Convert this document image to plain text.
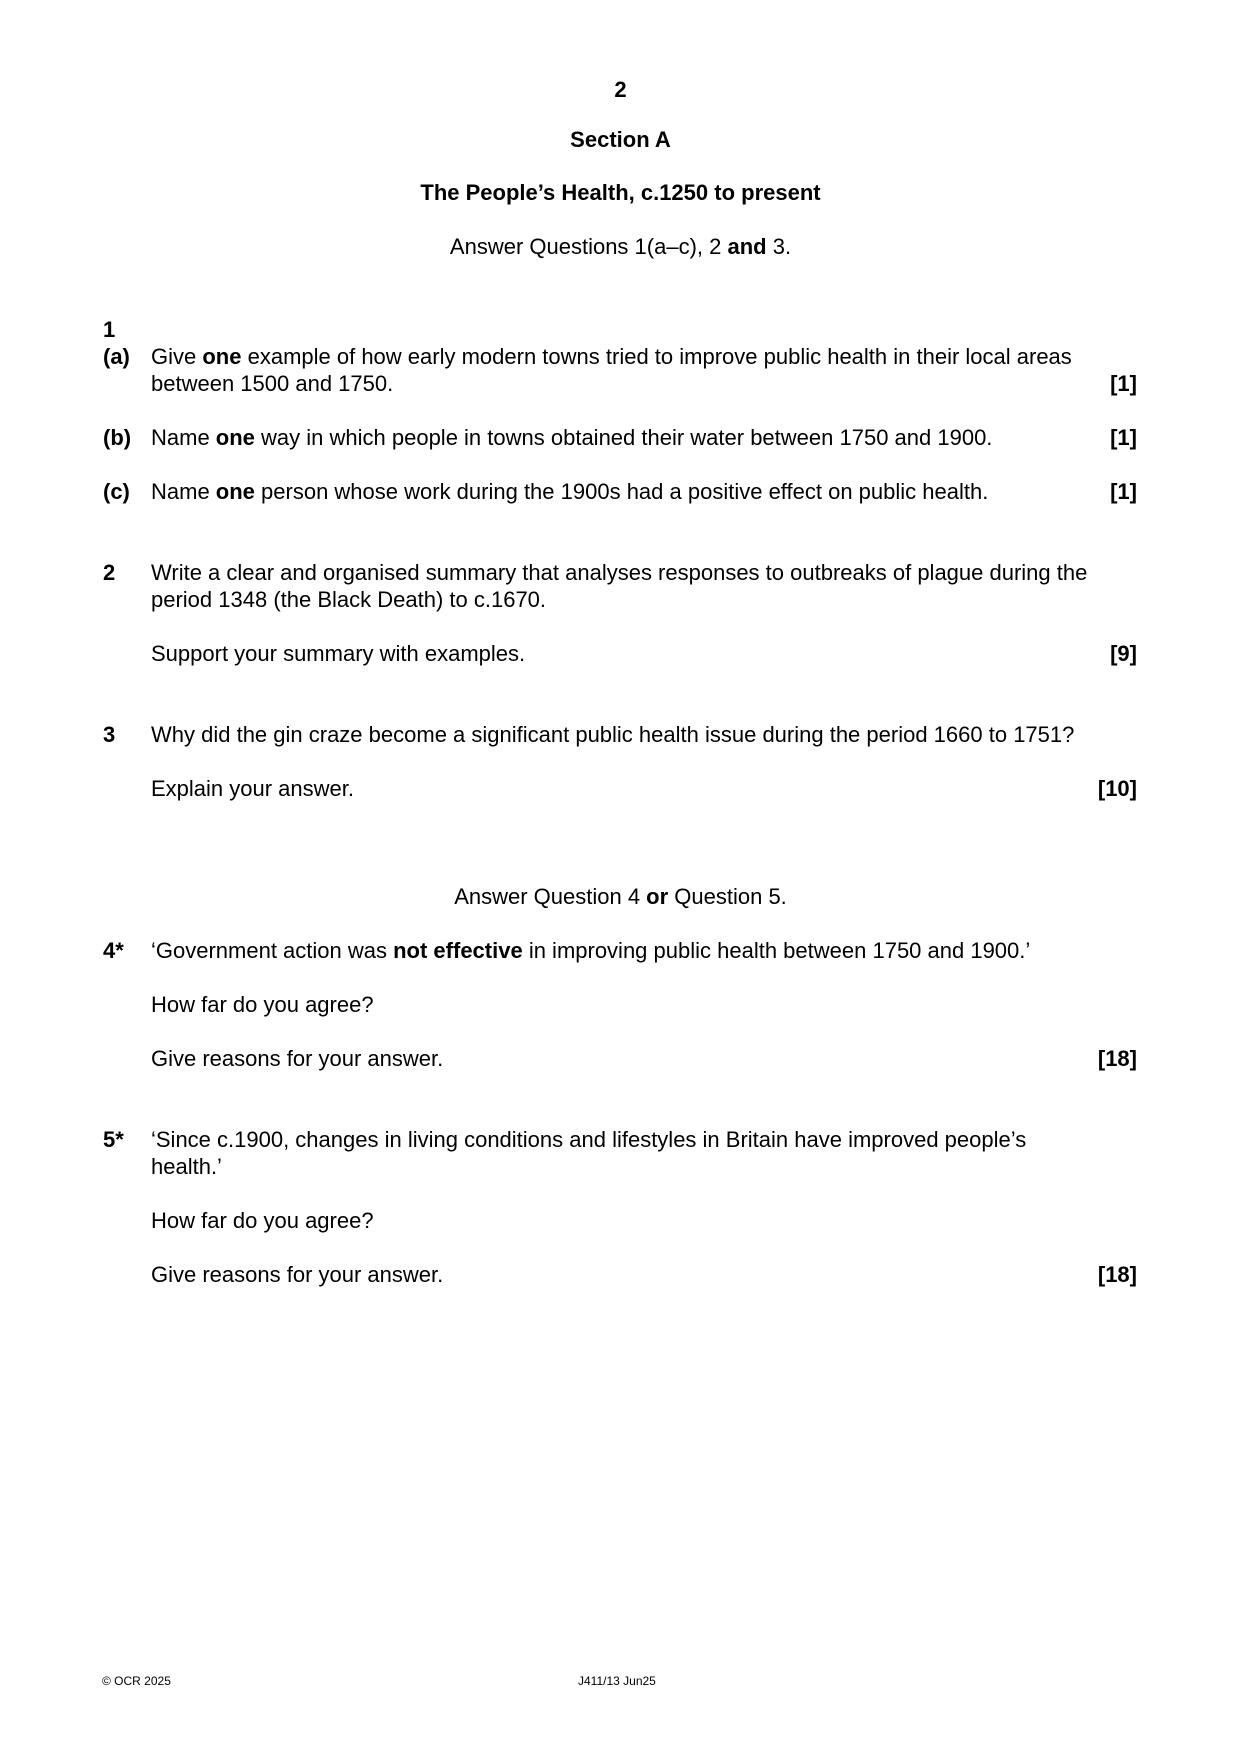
2
Section A
The People’s Health, c.1250 to present
Answer Questions 1(a–c), 2 and 3.
1
(a) Give one example of how early modern towns tried to improve public health in their local areas
between 1500 and 1750.	[1]
(b) Name one way in which people in towns obtained their water between 1750 and 1900.	[1]
(c) Name one person whose work during the 1900s had a positive effect on public health.	[1]
2 Write a clear and organised summary that analyses responses to outbreaks of plague during the
period 1348 (the Black Death) to c.1670.
Support your summary with examples.	[9]
3 Why did the gin craze become a significant public health issue during the period 1660 to 1751?
Explain your answer.	[10]
Answer Question 4 or Question 5.
4* ‘Government action was not effective in improving public health between 1750 and 1900.’
How far do you agree?
Give reasons for your answer.	[18]
5* ‘Since c.1900, changes in living conditions and lifestyles in Britain have improved people’s
health.’
How far do you agree?
Give reasons for your answer.	[18]
© OCR 2025	J411/13 Jun25
